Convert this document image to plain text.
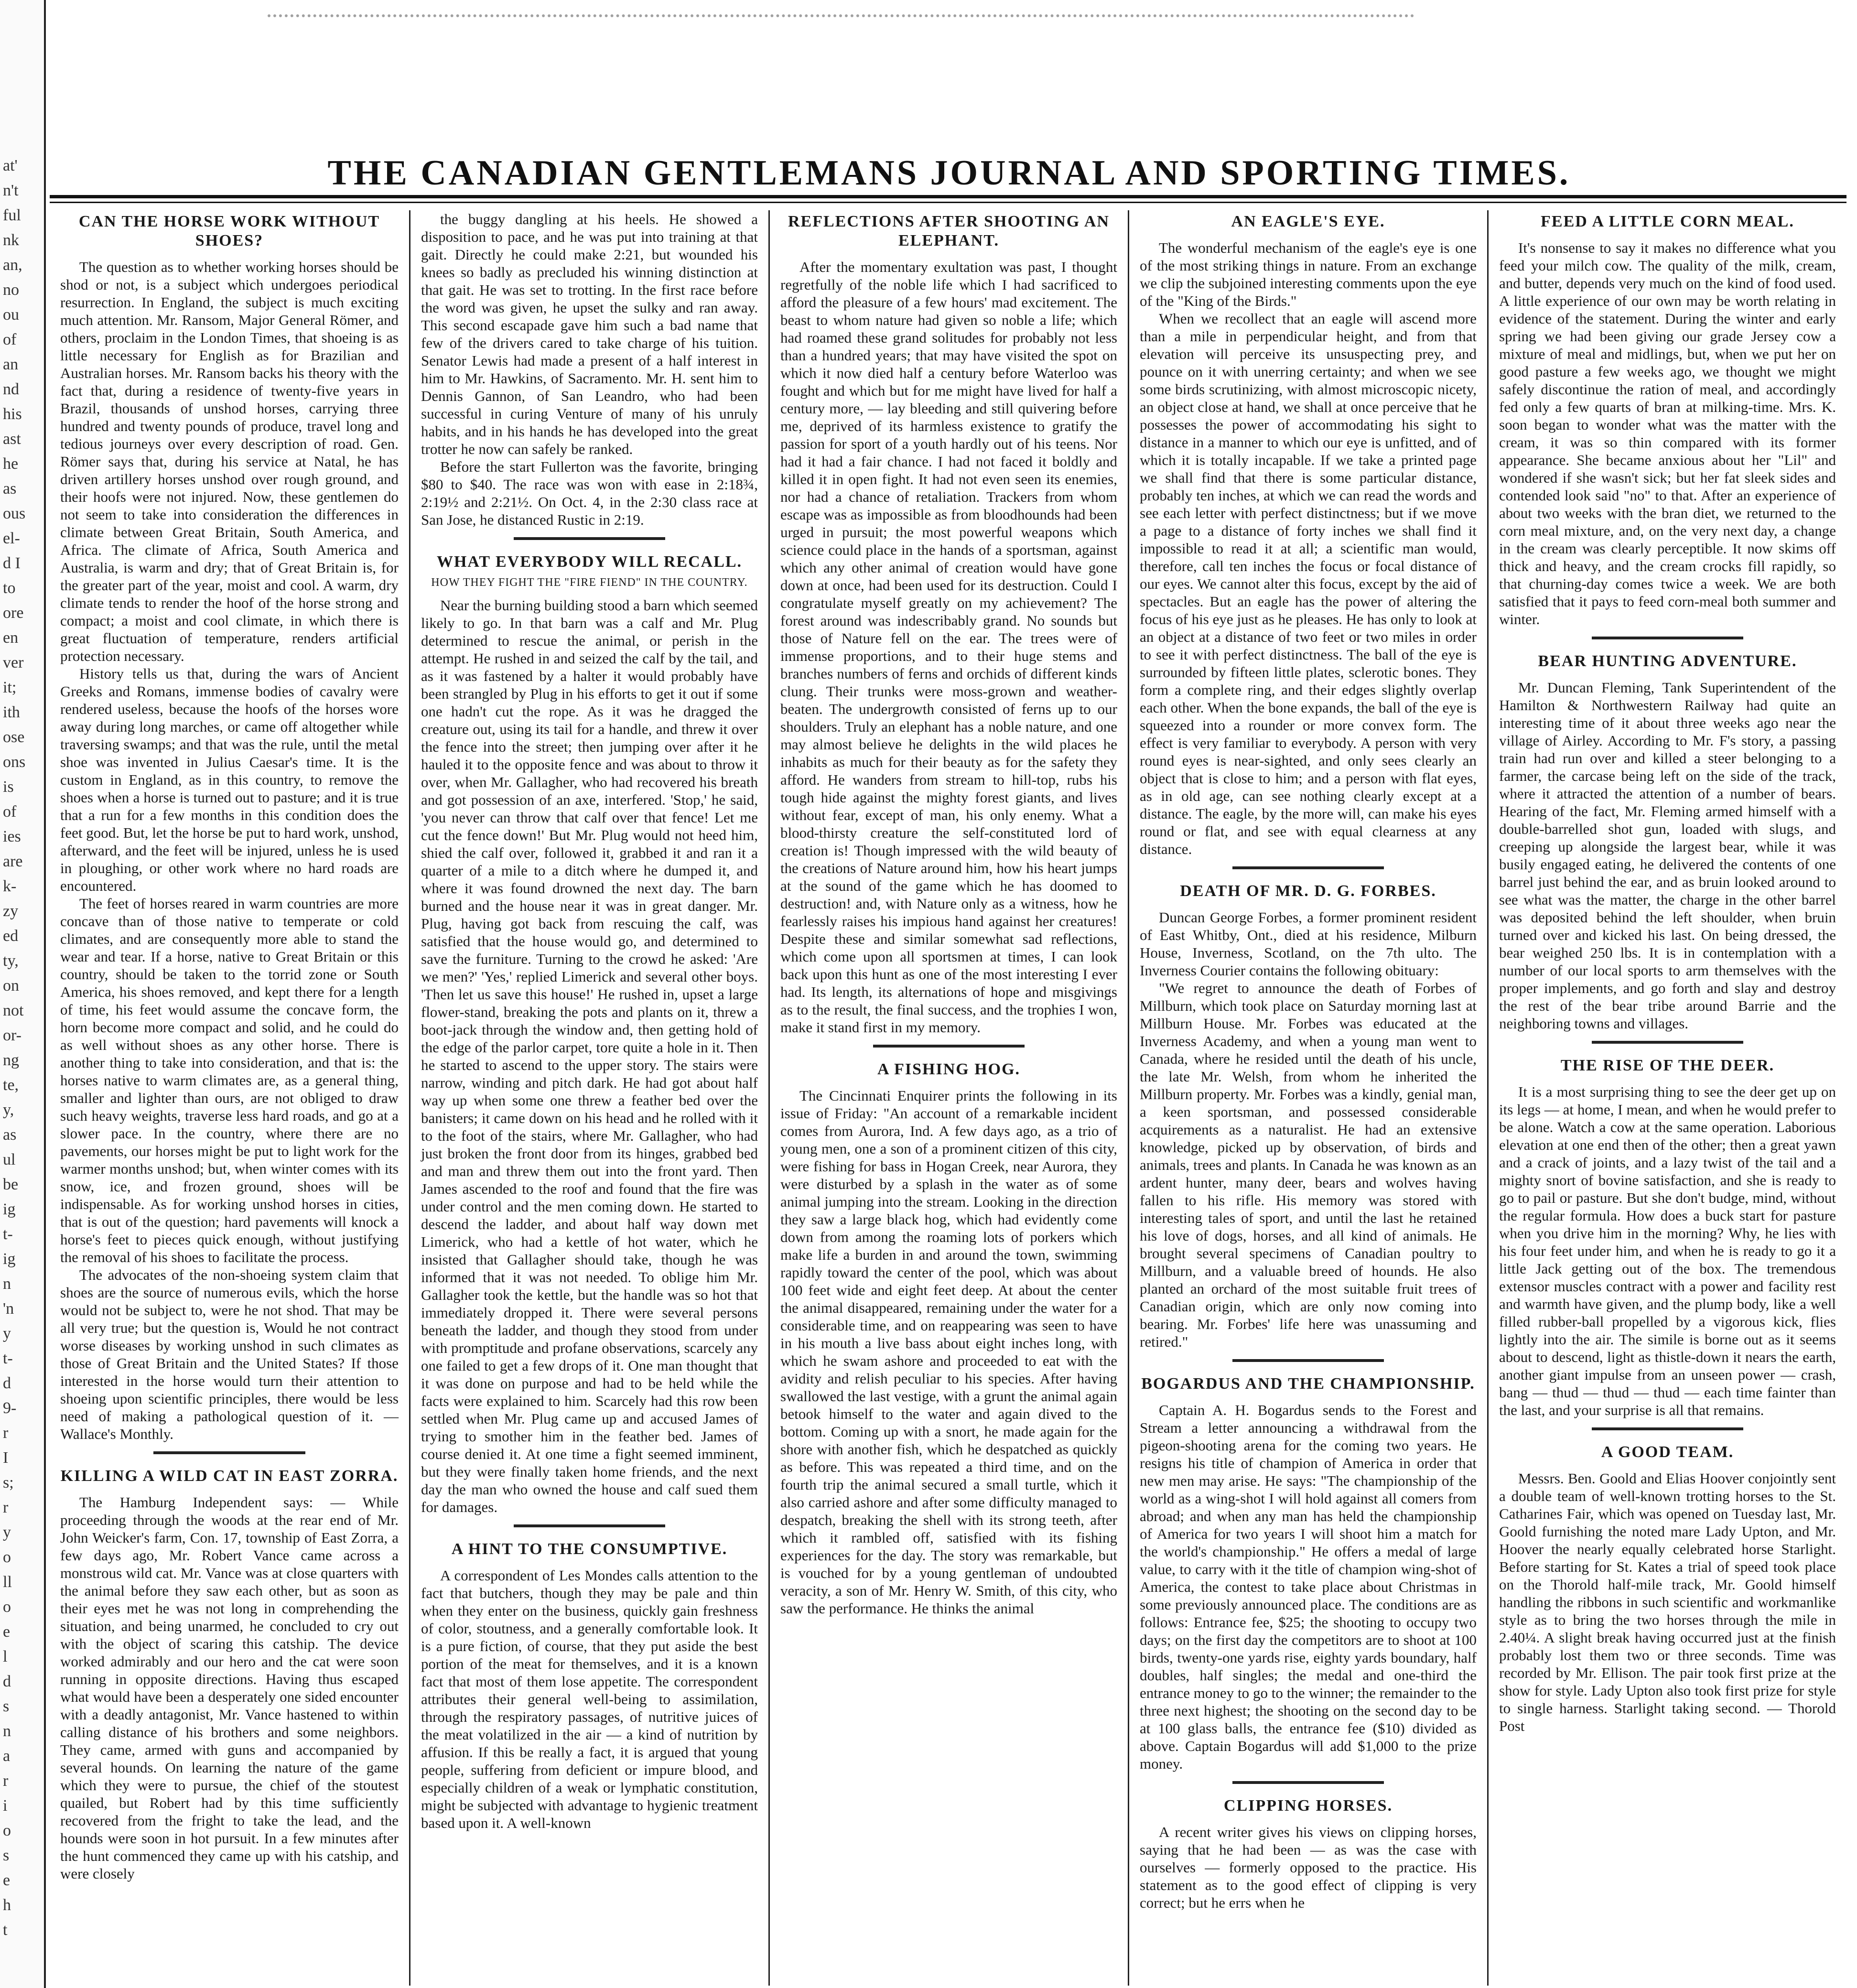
at'
n't
ful
nk
an,
no
ou
of
an
nd
his
ast
he
as
ous
el-
d I
to
ore
en
ver
it;
ith
ose
ons
is
of
ies
are
k-
zy
ed
ty,
on
not
or-
ng
te,
y,
as
ul
be
ig
t-
ig
n
'n
y
t-
d
9-
r
I
s;
r
y
o
ll
o
e
l
d
s
n
a
r
i
o
s
e
h
t
THE CANADIAN GENTLEMANS JOURNAL AND SPORTING TIMES.
CAN THE HORSE WORK WITHOUT SHOES?

The question as to whether working horses should be shod or not, is a subject which undergoes periodical resurrection. In England, the subject is much exciting much attention. Mr. Ransom, Major General Römer, and others, proclaim in the London Times, that shoeing is as little necessary for English as for Brazilian and Australian horses. Mr. Ransom backs his theory with the fact that, during a residence of twenty-five years in Brazil, thousands of unshod horses, carrying three hundred and twenty pounds of produce, travel long and tedious journeys over every description of road. Gen. Römer says that, during his service at Natal, he has driven artillery horses unshod over rough ground, and their hoofs were not injured. Now, these gentlemen do not seem to take into consideration the differences in climate between Great Britain, South America, and Africa. The climate of Africa, South America and Australia, is warm and dry; that of Great Britain is, for the greater part of the year, moist and cool. A warm, dry climate tends to render the hoof of the horse strong and compact; a moist and cool climate, in which there is great fluctuation of temperature, renders artificial protection necessary.

History tells us that, during the wars of Ancient Greeks and Romans, immense bodies of cavalry were rendered useless, because the hoofs of the horses wore away during long marches, or came off altogether while traversing swamps; and that was the rule, until the metal shoe was invented in Julius Caesar's time. It is the custom in England, as in this country, to remove the shoes when a horse is turned out to pasture; and it is true that a run for a few months in this condition does the feet good. But, let the horse be put to hard work, unshod, afterward, and the feet will be injured, unless he is used in ploughing, or other work where no hard roads are encountered.

The feet of horses reared in warm countries are more concave than of those native to temperate or cold climates, and are consequently more able to stand the wear and tear. If a horse, native to Great Britain or this country, should be taken to the torrid zone or South America, his shoes removed, and kept there for a length of time, his feet would assume the concave form, the horn become more compact and solid, and he could do as well without shoes as any other horse. There is another thing to take into consideration, and that is: the horses native to warm climates are, as a general thing, smaller and lighter than ours, are not obliged to draw such heavy weights, traverse less hard roads, and go at a slower pace. In the country, where there are no pavements, our horses might be put to light work for the warmer months unshod; but, when winter comes with its snow, ice, and frozen ground, shoes will be indispensable. As for working unshod horses in cities, that is out of the question; hard pavements will knock a horse's feet to pieces quick enough, without justifying the removal of his shoes to facilitate the process.

The advocates of the non-shoeing system claim that shoes are the source of numerous evils, which the horse would not be subject to, were he not shod. That may be all very true; but the question is, Would he not contract worse diseases by working unshod in such climates as those of Great Britain and the United States? If those interested in the horse would turn their attention to shoeing upon scientific principles, there would be less need of making a pathological question of it. — Wallace's Monthly.

KILLING A WILD CAT IN EAST ZORRA.

The Hamburg Independent says: — While proceeding through the woods at the rear end of Mr. John Weicker's farm, Con. 17, township of East Zorra, a few days ago, Mr. Robert Vance came across a monstrous wild cat. Mr. Vance was at close quarters with the animal before they saw each other, but as soon as their eyes met he was not long in comprehending the situation, and being unarmed, he concluded to cry out with the object of scaring this catship. The device worked admirably and our hero and the cat were soon running in opposite directions. Having thus escaped what would have been a desperately one sided encounter with a deadly antagonist, Mr. Vance hastened to within calling distance of his brothers and some neighbors. They came, armed with guns and accompanied by several hounds. On learning the nature of the game which they were to pursue, the chief of the stoutest quailed, but Robert had by this time sufficiently recovered from the fright to take the lead, and the hounds were soon in hot pursuit. In a few minutes after the hunt commenced they came up with his catship, and were closely

the buggy dangling at his heels. He showed a disposition to pace, and he was put into training at that gait. Directly he could make 2:21, but wounded his knees so badly as precluded his winning distinction at that gait. He was set to trotting. In the first race before the word was given, he upset the sulky and ran away. This second escapade gave him such a bad name that few of the drivers cared to take charge of his tuition. Senator Lewis had made a present of a half interest in him to Mr. Hawkins, of Sacramento. Mr. H. sent him to Dennis Gannon, of San Leandro, who had been successful in curing Venture of many of his unruly habits, and in his hands he has developed into the great trotter he now can safely be ranked.

Before the start Fullerton was the favorite, bringing $80 to $40. The race was won with ease in 2:18¾, 2:19½ and 2:21½. On Oct. 4, in the 2:30 class race at San Jose, he distanced Rustic in 2:19.

WHAT EVERYBODY WILL RECALL.
HOW THEY FIGHT THE "FIRE FIEND" IN THE COUNTRY.

Near the burning building stood a barn which seemed likely to go. In that barn was a calf and Mr. Plug determined to rescue the animal, or perish in the attempt. He rushed in and seized the calf by the tail, and as it was fastened by a halter it would probably have been strangled by Plug in his efforts to get it out if some one hadn't cut the rope. As it was he dragged the creature out, using its tail for a handle, and threw it over the fence into the street; then jumping over after it he hauled it to the opposite fence and was about to throw it over, when Mr. Gallagher, who had recovered his breath and got possession of an axe, interfered. 'Stop,' he said, 'you never can throw that calf over that fence! Let me cut the fence down!' But Mr. Plug would not heed him, shied the calf over, followed it, grabbed it and ran it a quarter of a mile to a ditch where he dumped it, and where it was found drowned the next day. The barn burned and the house near it was in great danger. Mr. Plug, having got back from rescuing the calf, was satisfied that the house would go, and determined to save the furniture. Turning to the crowd he asked: 'Are we men?' 'Yes,' replied Limerick and several other boys. 'Then let us save this house!' He rushed in, upset a large flower-stand, breaking the pots and plants on it, threw a boot-jack through the window and, then getting hold of the edge of the parlor carpet, tore quite a hole in it. Then he started to ascend to the upper story. The stairs were narrow, winding and pitch dark. He had got about half way up when some one threw a feather bed over the banisters; it came down on his head and he rolled with it to the foot of the stairs, where Mr. Gallagher, who had just broken the front door from its hinges, grabbed bed and man and threw them out into the front yard. Then James ascended to the roof and found that the fire was under control and the men coming down. He started to descend the ladder, and about half way down met Limerick, who had a kettle of hot water, which he insisted that Gallagher should take, though he was informed that it was not needed. To oblige him Mr. Gallagher took the kettle, but the handle was so hot that immediately dropped it. There were several persons beneath the ladder, and though they stood from under with promptitude and profane observations, scarcely any one failed to get a few drops of it. One man thought that it was done on purpose and had to be held while the facts were explained to him. Scarcely had this row been settled when Mr. Plug came up and accused James of trying to smother him in the feather bed. James of course denied it. At one time a fight seemed imminent, but they were finally taken home friends, and the next day the man who owned the house and calf sued them for damages.

A HINT TO THE CONSUMPTIVE.

A correspondent of Les Mondes calls attention to the fact that butchers, though they may be pale and thin when they enter on the business, quickly gain freshness of color, stoutness, and a generally comfortable look. It is a pure fiction, of course, that they put aside the best portion of the meat for themselves, and it is a known fact that most of them lose appetite. The correspondent attributes their general well-being to assimilation, through the respiratory passages, of nutritive juices of the meat volatilized in the air — a kind of nutrition by affusion. If this be really a fact, it is argued that young people, suffering from deficient or impure blood, and especially children of a weak or lymphatic constitution, might be subjected with advantage to hygienic treatment based upon it. A well-known

REFLECTIONS AFTER SHOOTING AN ELEPHANT.

After the momentary exultation was past, I thought regretfully of the noble life which I had sacrificed to afford the pleasure of a few hours' mad excitement. The beast to whom nature had given so noble a life; which had roamed these grand solitudes for probably not less than a hundred years; that may have visited the spot on which it now died half a century before Waterloo was fought and which but for me might have lived for half a century more, — lay bleeding and still quivering before me, deprived of its harmless existence to gratify the passion for sport of a youth hardly out of his teens. Nor had it had a fair chance. I had not faced it boldly and killed it in open fight. It had not even seen its enemies, nor had a chance of retaliation. Trackers from whom escape was as impossible as from bloodhounds had been urged in pursuit; the most powerful weapons which science could place in the hands of a sportsman, against which any other animal of creation would have gone down at once, had been used for its destruction. Could I congratulate myself greatly on my achievement? The forest around was indescribably grand. No sounds but those of Nature fell on the ear. The trees were of immense proportions, and to their huge stems and branches numbers of ferns and orchids of different kinds clung. Their trunks were moss-grown and weather-beaten. The undergrowth consisted of ferns up to our shoulders. Truly an elephant has a noble nature, and one may almost believe he delights in the wild places he inhabits as much for their beauty as for the safety they afford. He wanders from stream to hill-top, rubs his tough hide against the mighty forest giants, and lives without fear, except of man, his only enemy. What a blood-thirsty creature the self-constituted lord of creation is! Though impressed with the wild beauty of the creations of Nature around him, how his heart jumps at the sound of the game which he has doomed to destruction! and, with Nature only as a witness, how he fearlessly raises his impious hand against her creatures! Despite these and similar somewhat sad reflections, which come upon all sportsmen at times, I can look back upon this hunt as one of the most interesting I ever had. Its length, its alternations of hope and misgivings as to the result, the final success, and the trophies I won, make it stand first in my memory.

A FISHING HOG.

The Cincinnati Enquirer prints the following in its issue of Friday: "An account of a remarkable incident comes from Aurora, Ind. A few days ago, as a trio of young men, one a son of a prominent citizen of this city, were fishing for bass in Hogan Creek, near Aurora, they were disturbed by a splash in the water as of some animal jumping into the stream. Looking in the direction they saw a large black hog, which had evidently come down from among the roaming lots of porkers which make life a burden in and around the town, swimming rapidly toward the center of the pool, which was about 100 feet wide and eight feet deep. At about the center the animal disappeared, remaining under the water for a considerable time, and on reappearing was seen to have in his mouth a live bass about eight inches long, with which he swam ashore and proceeded to eat with the avidity and relish peculiar to his species. After having swallowed the last vestige, with a grunt the animal again betook himself to the water and again dived to the bottom. Coming up with a snort, he made again for the shore with another fish, which he despatched as quickly as before. This was repeated a third time, and on the fourth trip the animal secured a small turtle, which it also carried ashore and after some difficulty managed to despatch, breaking the shell with its strong teeth, after which it rambled off, satisfied with its fishing experiences for the day. The story was remarkable, but is vouched for by a young gentleman of undoubted veracity, a son of Mr. Henry W. Smith, of this city, who saw the performance. He thinks the animal

AN EAGLE'S EYE.

The wonderful mechanism of the eagle's eye is one of the most striking things in nature. From an exchange we clip the subjoined interesting comments upon the eye of the "King of the Birds."

When we recollect that an eagle will ascend more than a mile in perpendicular height, and from that elevation will perceive its unsuspecting prey, and pounce on it with unerring certainty; and when we see some birds scrutinizing, with almost microscopic nicety, an object close at hand, we shall at once perceive that he possesses the power of accommodating his sight to distance in a manner to which our eye is unfitted, and of which it is totally incapable. If we take a printed page we shall find that there is some particular distance, probably ten inches, at which we can read the words and see each letter with perfect distinctness; but if we move a page to a distance of forty inches we shall find it impossible to read it at all; a scientific man would, therefore, call ten inches the focus or focal distance of our eyes. We cannot alter this focus, except by the aid of spectacles. But an eagle has the power of altering the focus of his eye just as he pleases. He has only to look at an object at a distance of two feet or two miles in order to see it with perfect distinctness. The ball of the eye is surrounded by fifteen little plates, sclerotic bones. They form a complete ring, and their edges slightly overlap each other. When the bone expands, the ball of the eye is squeezed into a rounder or more convex form. The effect is very familiar to everybody. A person with very round eyes is near-sighted, and only sees clearly an object that is close to him; and a person with flat eyes, as in old age, can see nothing clearly except at a distance. The eagle, by the more will, can make his eyes round or flat, and see with equal clearness at any distance.

DEATH OF MR. D. G. FORBES.

Duncan George Forbes, a former prominent resident of East Whitby, Ont., died at his residence, Milburn House, Inverness, Scotland, on the 7th ulto. The Inverness Courier contains the following obituary:

"We regret to announce the death of Forbes of Millburn, which took place on Saturday morning last at Millburn House. Mr. Forbes was educated at the Inverness Academy, and when a young man went to Canada, where he resided until the death of his uncle, the late Mr. Welsh, from whom he inherited the Millburn property. Mr. Forbes was a kindly, genial man, a keen sportsman, and possessed considerable acquirements as a naturalist. He had an extensive knowledge, picked up by observation, of birds and animals, trees and plants. In Canada he was known as an ardent hunter, many deer, bears and wolves having fallen to his rifle. His memory was stored with interesting tales of sport, and until the last he retained his love of dogs, horses, and all kind of animals. He brought several specimens of Canadian poultry to Millburn, and a valuable breed of hounds. He also planted an orchard of the most suitable fruit trees of Canadian origin, which are only now coming into bearing. Mr. Forbes' life here was unassuming and retired."

BOGARDUS AND THE CHAMPIONSHIP.

Captain A. H. Bogardus sends to the Forest and Stream a letter announcing a withdrawal from the pigeon-shooting arena for the coming two years. He resigns his title of champion of America in order that new men may arise. He says: "The championship of the world as a wing-shot I will hold against all comers from abroad; and when any man has held the championship of America for two years I will shoot him a match for the world's championship." He offers a medal of large value, to carry with it the title of champion wing-shot of America, the contest to take place about Christmas in some previously announced place. The conditions are as follows: Entrance fee, $25; the shooting to occupy two days; on the first day the competitors are to shoot at 100 birds, twenty-one yards rise, eighty yards boundary, half doubles, half singles; the medal and one-third the entrance money to go to the winner; the remainder to the three next highest; the shooting on the second day to be at 100 glass balls, the entrance fee ($10) divided as above. Captain Bogardus will add $1,000 to the prize money.

CLIPPING HORSES.

A recent writer gives his views on clipping horses, saying that he had been — as was the case with ourselves — formerly opposed to the practice. His statement as to the good effect of clipping is very correct; but he errs when he

FEED A LITTLE CORN MEAL.

It's nonsense to say it makes no difference what you feed your milch cow. The quality of the milk, cream, and butter, depends very much on the kind of food used. A little experience of our own may be worth relating in evidence of the statement. During the winter and early spring we had been giving our grade Jersey cow a mixture of meal and midlings, but, when we put her on good pasture a few weeks ago, we thought we might safely discontinue the ration of meal, and accordingly fed only a few quarts of bran at milking-time. Mrs. K. soon began to wonder what was the matter with the cream, it was so thin compared with its former appearance. She became anxious about her "Lil" and wondered if she wasn't sick; but her fat sleek sides and contended look said "no" to that. After an experience of about two weeks with the bran diet, we returned to the corn meal mixture, and, on the very next day, a change in the cream was clearly perceptible. It now skims off thick and heavy, and the cream crocks fill rapidly, so that churning-day comes twice a week. We are both satisfied that it pays to feed corn-meal both summer and winter.

BEAR HUNTING ADVENTURE.

Mr. Duncan Fleming, Tank Superintendent of the Hamilton & Northwestern Railway had quite an interesting time of it about three weeks ago near the village of Airley. According to Mr. F's story, a passing train had run over and killed a steer belonging to a farmer, the carcase being left on the side of the track, where it attracted the attention of a number of bears. Hearing of the fact, Mr. Fleming armed himself with a double-barrelled shot gun, loaded with slugs, and creeping up alongside the largest bear, while it was busily engaged eating, he delivered the contents of one barrel just behind the ear, and as bruin looked around to see what was the matter, the charge in the other barrel was deposited behind the left shoulder, when bruin turned over and kicked his last. On being dressed, the bear weighed 250 lbs. It is in contemplation with a number of our local sports to arm themselves with the proper implements, and go forth and slay and destroy the rest of the bear tribe around Barrie and the neighboring towns and villages.

THE RISE OF THE DEER.

It is a most surprising thing to see the deer get up on its legs — at home, I mean, and when he would prefer to be alone. Watch a cow at the same operation. Laborious elevation at one end then of the other; then a great yawn and a crack of joints, and a lazy twist of the tail and a mighty snort of bovine satisfaction, and she is ready to go to pail or pasture. But she don't budge, mind, without the regular formula. How does a buck start for pasture when you drive him in the morning? Why, he lies with his four feet under him, and when he is ready to go it a little Jack getting out of the box. The tremendous extensor muscles contract with a power and facility rest and warmth have given, and the plump body, like a well filled rubber-ball propelled by a vigorous kick, flies lightly into the air. The simile is borne out as it seems about to descend, light as thistle-down it nears the earth, another giant impulse from an unseen power — crash, bang — thud — thud — thud — each time fainter than the last, and your surprise is all that remains.

A GOOD TEAM.

Messrs. Ben. Goold and Elias Hoover conjointly sent a double team of well-known trotting horses to the St. Catharines Fair, which was opened on Tuesday last, Mr. Goold furnishing the noted mare Lady Upton, and Mr. Hoover the nearly equally celebrated horse Starlight. Before starting for St. Kates a trial of speed took place on the Thorold half-mile track, Mr. Goold himself handling the ribbons in such scientific and workmanlike style as to bring the two horses through the mile in 2.40¼. A slight break having occurred just at the finish probably lost them two or three seconds. Time was recorded by Mr. Ellison. The pair took first prize at the show for style. Lady Upton also took first prize for style to single harness. Starlight taking second. — Thorold Post
